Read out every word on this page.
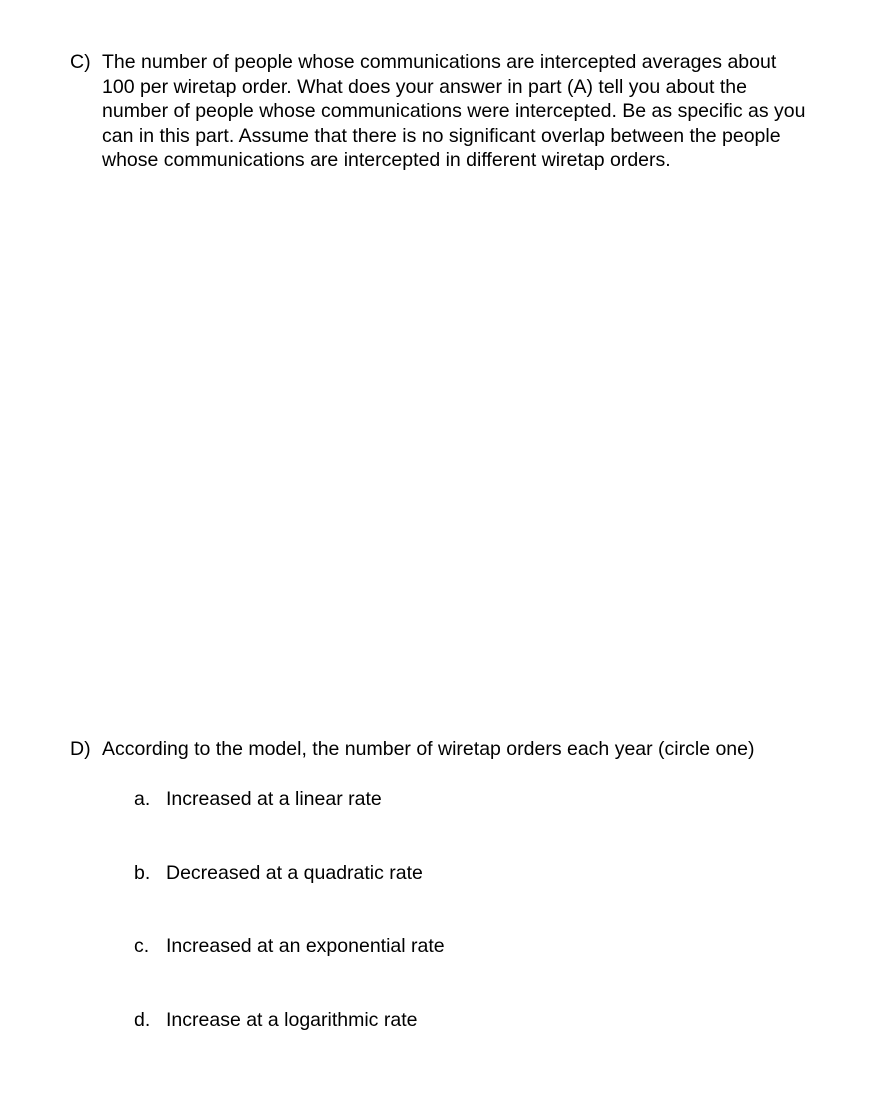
C) The number of people whose communications are intercepted averages about 100 per wiretap order. What does your answer in part (A) tell you about the number of people whose communications were intercepted. Be as specific as you can in this part. Assume that there is no significant overlap between the people whose communications are intercepted in different wiretap orders.
D) According to the model, the number of wiretap orders each year (circle one)
a. Increased at a linear rate
b. Decreased at a quadratic rate
c. Increased at an exponential rate
d. Increase at a logarithmic rate
